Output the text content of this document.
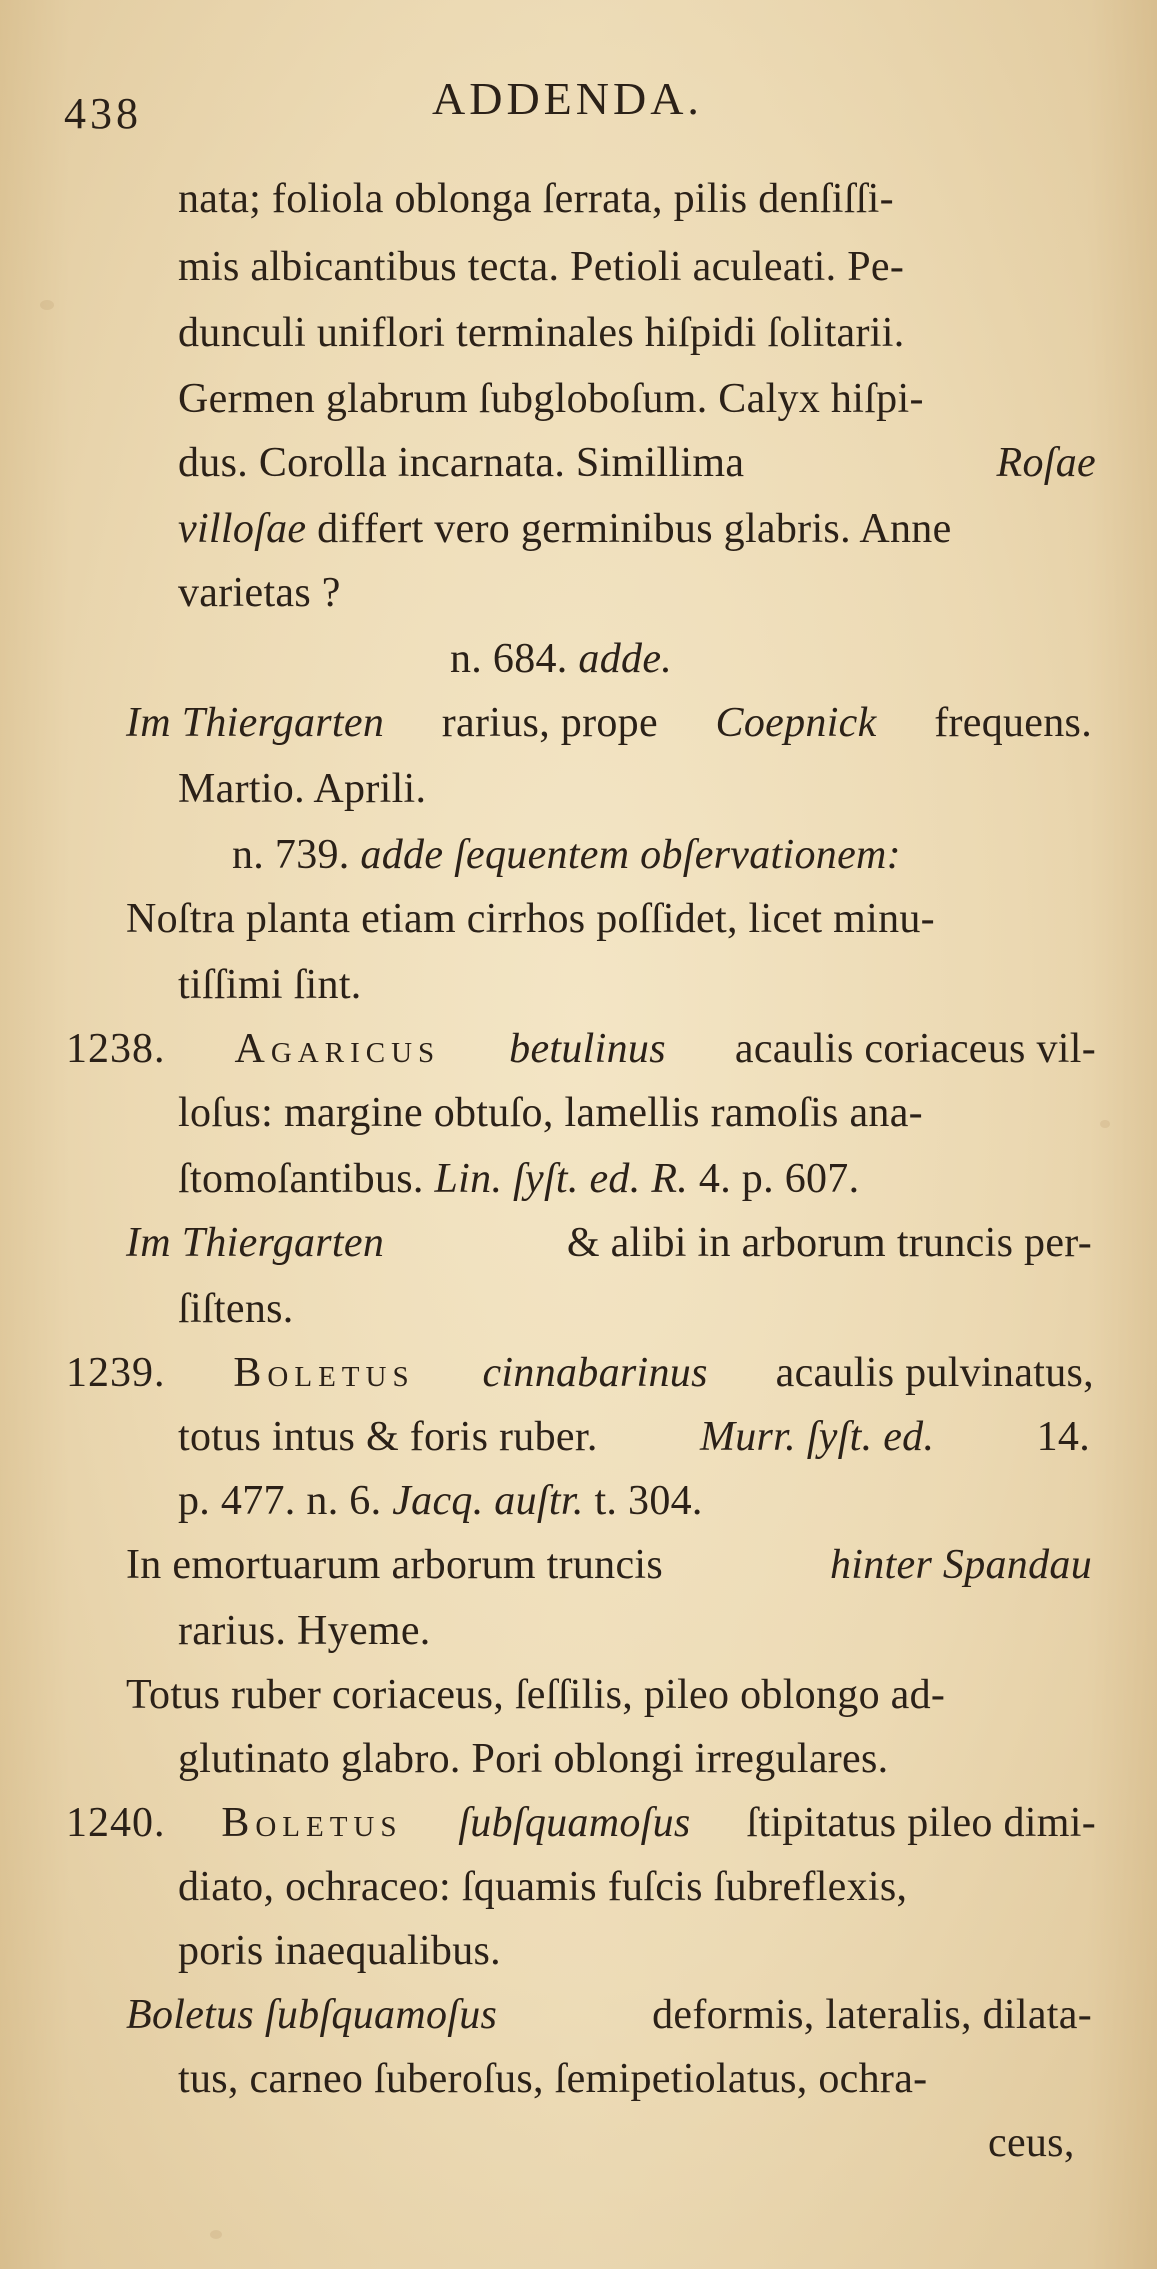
438	ADDENDA.
nata; foliola oblonga ſerrata, pilis denſiſſi-
mis albicantibus tecta. Petioli aculeati. Pe-
dunculi uniflori terminales hiſpidi ſolitarii.
Germen glabrum ſubgloboſum. Calyx hiſpi-
dus. Corolla incarnata. Simillima	Roſae
villoſae differt vero germinibus glabris. Anne
varietas ?
n. 684. adde.
Im Thiergarten rarius, prope Coepnick frequens.
Martio. Aprili.
n. 739. adde ſequentem obſervationem:
Noſtra planta etiam cirrhos poſſidet, licet minu-
tiſſimi ſint.
1238. Agaricus betulinus acaulis coriaceus vil-
loſus: margine obtuſo, lamellis ramoſis ana-
ſtomoſantibus. Lin. ſyſt. ed. R. 4. p. 607.
Im Thiergarten	& alibi in arborum truncis per-
ſiſtens.
1239. Boletus cinnabarinus acaulis pulvinatus,
totus intus & foris ruber. Murr. ſyſt. ed. 14.
p. 477. n. 6. Jacq. auſtr. t. 304.
In emortuarum arborum truncis	hinter Spandau
rarius. Hyeme.
Totus ruber coriaceus, ſeſſilis, pileo oblongo ad-
glutinato glabro. Pori oblongi irregulares.
1240. Boletus ſubſquamoſus ſtipitatus pileo dimi-
diato, ochraceo: ſquamis fuſcis ſubreflexis,
poris inaequalibus.
Boletus ſubſquamoſus	deformis, lateralis, dilata-
tus, carneo ſuberoſus, ſemipetiolatus, ochra-
ceus,
